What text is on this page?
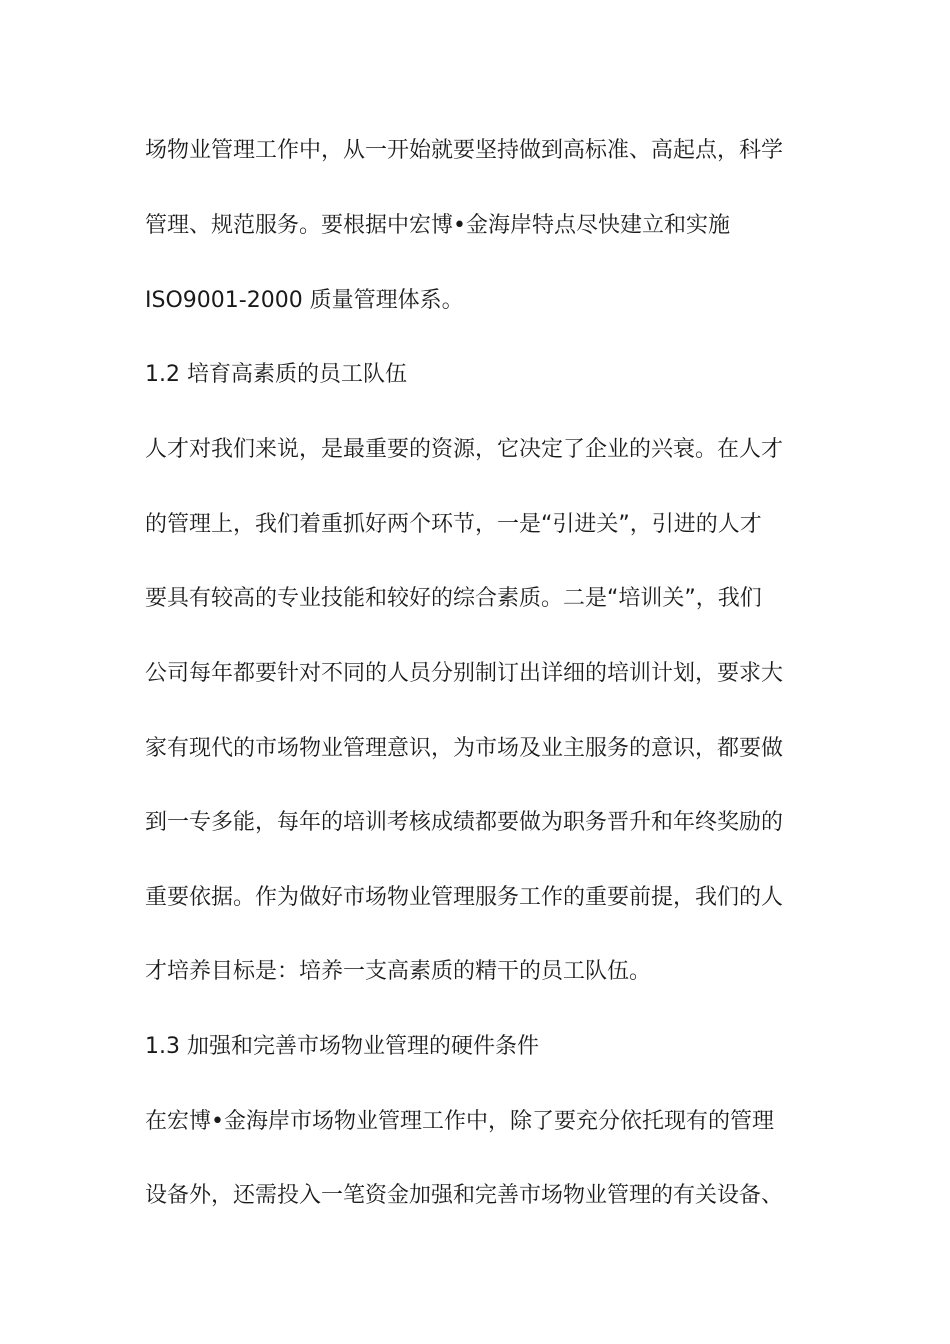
场物业管理工作中，从一开始就要坚持做到高标准、高起点，科学
管理、规范服务。要根据中宏博•金海岸特点尽快建立和实施
ISO9001-2000 质量管理体系。
1.2 培育高素质的员工队伍
人才对我们来说，是最重要的资源，它决定了企业的兴衰。在人才
的管理上，我们着重抓好两个环节，一是“引进关”，引进的人才
要具有较高的专业技能和较好的综合素质。二是“培训关”，我们
公司每年都要针对不同的人员分别制订出详细的培训计划，要求大
家有现代的市场物业管理意识，为市场及业主服务的意识，都要做
到一专多能，每年的培训考核成绩都要做为职务晋升和年终奖励的
重要依据。作为做好市场物业管理服务工作的重要前提，我们的人
才培养目标是：培养一支高素质的精干的员工队伍。
1.3 加强和完善市场物业管理的硬件条件
在宏博•金海岸市场物业管理工作中，除了要充分依托现有的管理
设备外，还需投入一笔资金加强和完善市场物业管理的有关设备、
